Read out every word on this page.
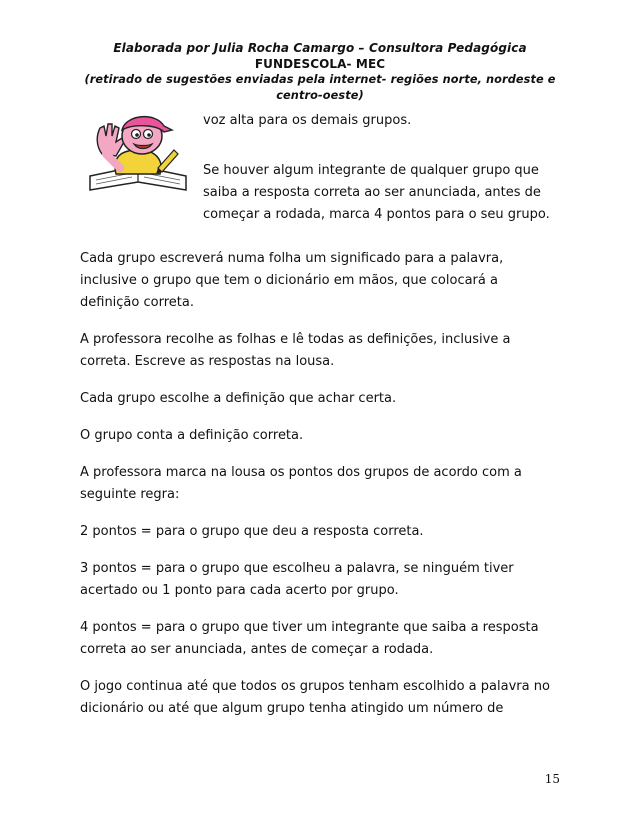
Elaborada por Julia Rocha Camargo – Consultora Pedagógica
FUNDESCOLA- MEC
(retirado de sugestões enviadas pela internet- regiões norte, nordeste e centro-oeste)

voz alta para os demais grupos.

Se houver algum integrante de qualquer grupo que saiba a resposta correta ao ser anunciada, antes de começar a rodada, marca 4 pontos para o seu grupo.

Cada grupo escreverá numa folha um significado para a palavra, inclusive o grupo que tem o dicionário em mãos, que colocará a definição correta.

A professora recolhe as folhas e lê todas as definições, inclusive a correta. Escreve as respostas na lousa.

Cada grupo escolhe a definição que achar certa.

O grupo conta a definição correta.

A professora marca na lousa os pontos dos grupos de acordo com a seguinte regra:

2 pontos = para o grupo que deu a resposta correta.

3 pontos = para o grupo que escolheu a palavra, se ninguém tiver acertado ou 1 ponto para cada acerto por grupo.

4 pontos = para o grupo que tiver um integrante que saiba a resposta correta ao ser anunciada, antes de começar a rodada.

O jogo continua até que todos os grupos tenham escolhido a palavra no dicionário ou até que algum grupo tenha atingido um número de

15
